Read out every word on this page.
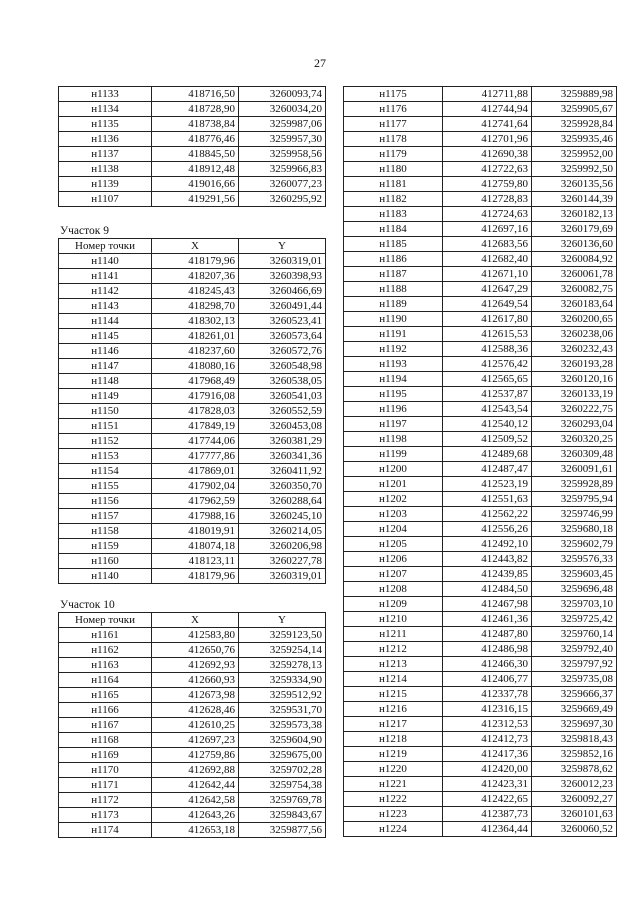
27
н1133	418716,50	3260093,74
н1134	418728,90	3260034,20
н1135	418738,84	3259987,06
н1136	418776,46	3259957,30
н1137	418845,50	3259958,56
н1138	418912,48	3259966,83
н1139	419016,66	3260077,23
н1107	419291,56	3260295,92
Участок 9
Номер точки	X	Y
н1140	418179,96	3260319,01
н1141	418207,36	3260398,93
н1142	418245,43	3260466,69
н1143	418298,70	3260491,44
н1144	418302,13	3260523,41
н1145	418261,01	3260573,64
н1146	418237,60	3260572,76
н1147	418080,16	3260548,98
н1148	417968,49	3260538,05
н1149	417916,08	3260541,03
н1150	417828,03	3260552,59
н1151	417849,19	3260453,08
н1152	417744,06	3260381,29
н1153	417777,86	3260341,36
н1154	417869,01	3260411,92
н1155	417902,04	3260350,70
н1156	417962,59	3260288,64
н1157	417988,16	3260245,10
н1158	418019,91	3260214,05
н1159	418074,18	3260206,98
н1160	418123,11	3260227,78
н1140	418179,96	3260319,01
Участок 10
Номер точки	X	Y
н1161	412583,80	3259123,50
н1162	412650,76	3259254,14
н1163	412692,93	3259278,13
н1164	412660,93	3259334,90
н1165	412673,98	3259512,92
н1166	412628,46	3259531,70
н1167	412610,25	3259573,38
н1168	412697,23	3259604,90
н1169	412759,86	3259675,00
н1170	412692,88	3259702,28
н1171	412642,44	3259754,38
н1172	412642,58	3259769,78
н1173	412643,26	3259843,67
н1174	412653,18	3259877,56
н1175	412711,88	3259889,98
н1176	412744,94	3259905,67
н1177	412741,64	3259928,84
н1178	412701,96	3259935,46
н1179	412690,38	3259952,00
н1180	412722,63	3259992,50
н1181	412759,80	3260135,56
н1182	412728,83	3260144,39
н1183	412724,63	3260182,13
н1184	412697,16	3260179,69
н1185	412683,56	3260136,60
н1186	412682,40	3260084,92
н1187	412671,10	3260061,78
н1188	412647,29	3260082,75
н1189	412649,54	3260183,64
н1190	412617,80	3260200,65
н1191	412615,53	3260238,06
н1192	412588,36	3260232,43
н1193	412576,42	3260193,28
н1194	412565,65	3260120,16
н1195	412537,87	3260133,19
н1196	412543,54	3260222,75
н1197	412540,12	3260293,04
н1198	412509,52	3260320,25
н1199	412489,68	3260309,48
н1200	412487,47	3260091,61
н1201	412523,19	3259928,89
н1202	412551,63	3259795,94
н1203	412562,22	3259746,99
н1204	412556,26	3259680,18
н1205	412492,10	3259602,79
н1206	412443,82	3259576,33
н1207	412439,85	3259603,45
н1208	412484,50	3259696,48
н1209	412467,98	3259703,10
н1210	412461,36	3259725,42
н1211	412487,80	3259760,14
н1212	412486,98	3259792,40
н1213	412466,30	3259797,92
н1214	412406,77	3259735,08
н1215	412337,78	3259666,37
н1216	412316,15	3259669,49
н1217	412312,53	3259697,30
н1218	412412,73	3259818,43
н1219	412417,36	3259852,16
н1220	412420,00	3259878,62
н1221	412423,31	3260012,23
н1222	412422,65	3260092,27
н1223	412387,73	3260101,63
н1224	412364,44	3260060,52
